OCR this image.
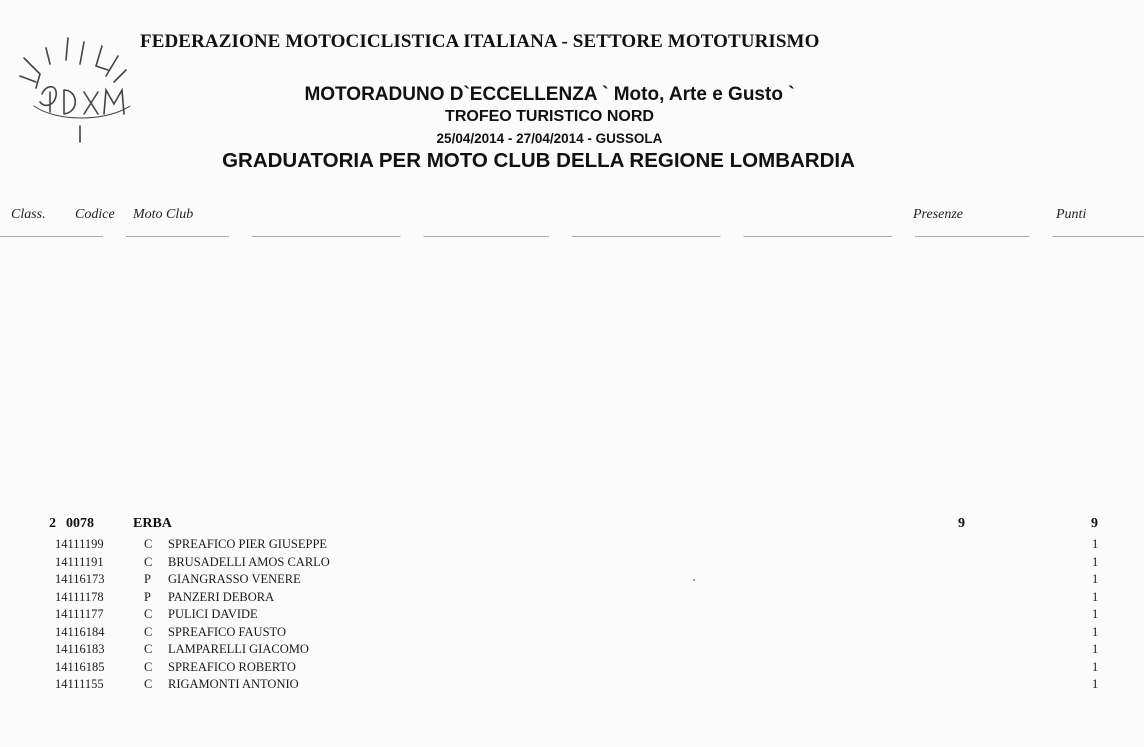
FEDERAZIONE MOTOCICLISTICA ITALIANA - SETTORE MOTOTURISMO
MOTORADUNO D`ECCELLENZA ` Moto, Arte e Gusto `
TROFEO TURISTICO NORD
25/04/2014 - 27/04/2014 - GUSSOLA
GRADUATORIA PER MOTO CLUB DELLA REGIONE LOMBARDIA
Class. Codice Moto Club	Presenze	Punti
2 0078	ERBA	9	9
14111199	C SPREAFICO PIER GIUSEPPE	1
14111191	C BRUSADELLI AMOS CARLO	1
14116173	P GIANGRASSO VENERE	1
14111178	P PANZERI DEBORA	1
14111177	C PULICI DAVIDE	1
14116184	C SPREAFICO FAUSTO	1
14116183	C LAMPARELLI GIACOMO	1
14116185	C SPREAFICO ROBERTO	1
14111155	C RIGAMONTI ANTONIO	1
